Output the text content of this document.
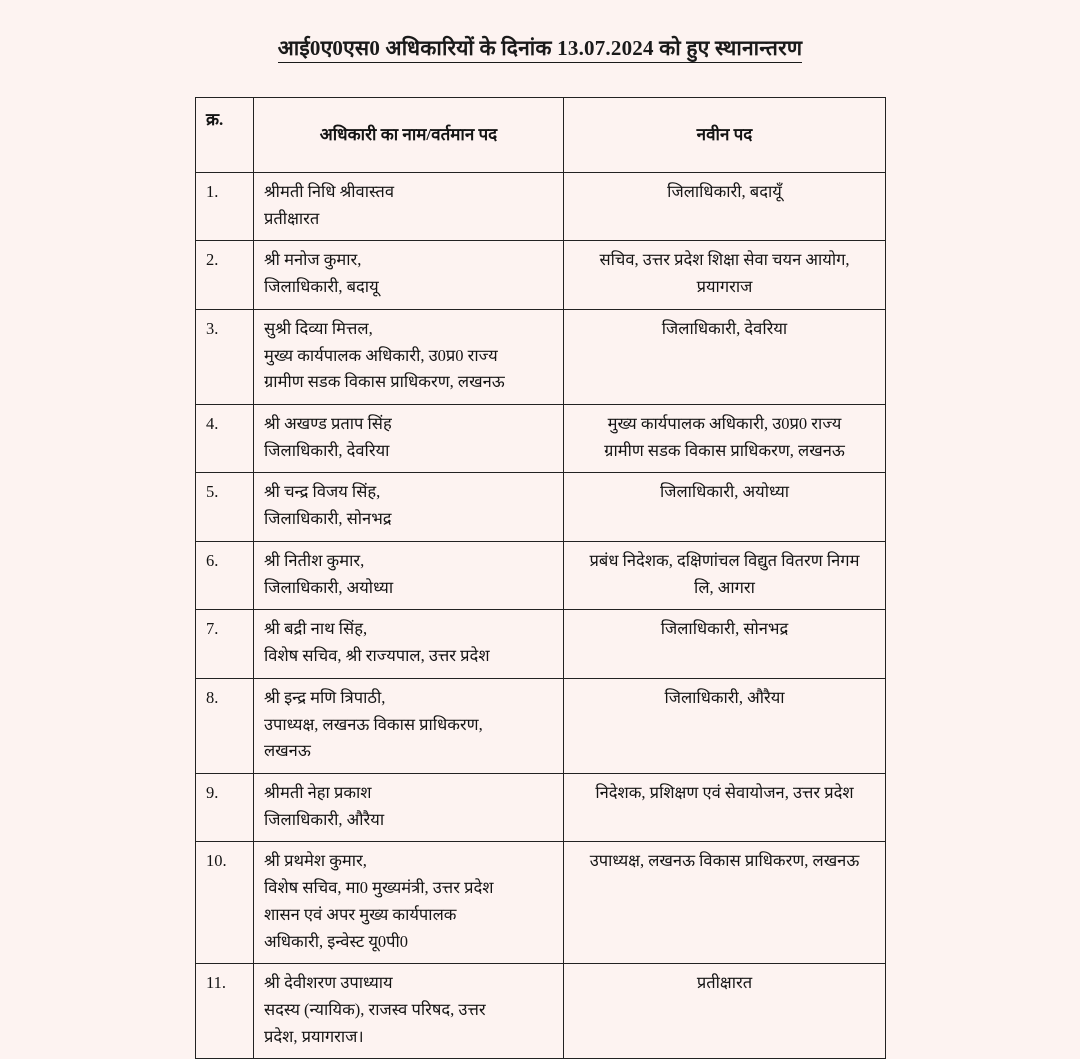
आई0ए0एस0 अधिकारियों के दिनांक 13.07.2024 को हुए स्थानान्तरण
क्र.	अधिकारी का नाम/वर्तमान पद	नवीन पद
1.	श्रीमती निधि श्रीवास्तव
प्रतीक्षारत	जिलाधिकारी, बदायूँ

2.	श्री मनोज कुमार,
जिलाधिकारी, बदायू	सचिव, उत्तर प्रदेश शिक्षा सेवा चयन आयोग,
प्रयागराज

3.	सुश्री दिव्या मित्तल,
मुख्य कार्यपालक अधिकारी, उ0प्र0 राज्य
ग्रामीण सडक विकास प्राधिकरण, लखनऊ	जिलाधिकारी, देवरिया

4.	श्री अखण्ड प्रताप सिंह
जिलाधिकारी, देवरिया	मुख्य कार्यपालक अधिकारी, उ0प्र0 राज्य
ग्रामीण सडक विकास प्राधिकरण, लखनऊ

5.	श्री चन्द्र विजय सिंह,
जिलाधिकारी, सोनभद्र	जिलाधिकारी, अयोध्या

6.	श्री नितीश कुमार,
जिलाधिकारी, अयोध्या	प्रबंध निदेशक, दक्षिणांचल विद्युत वितरण निगम
लि, आगरा

7.	श्री बद्री नाथ सिंह,
विशेष सचिव, श्री राज्यपाल, उत्तर प्रदेश	जिलाधिकारी, सोनभद्र

8.	श्री इन्द्र मणि त्रिपाठी,
उपाध्यक्ष, लखनऊ विकास प्राधिकरण,
लखनऊ	जिलाधिकारी, औरैया

9.	श्रीमती नेहा प्रकाश
जिलाधिकारी, औरैया	निदेशक, प्रशिक्षण एवं सेवायोजन, उत्तर प्रदेश

10.	श्री प्रथमेश कुमार,
विशेष सचिव, मा0 मुख्यमंत्री, उत्तर प्रदेश
शासन एवं अपर मुख्य कार्यपालक
अधिकारी, इन्वेस्ट यू0पी0	उपाध्यक्ष, लखनऊ विकास प्राधिकरण, लखनऊ

11.	श्री देवीशरण उपाध्याय
सदस्य (न्यायिक), राजस्व परिषद, उत्तर
प्रदेश, प्रयागराज।	प्रतीक्षारत
